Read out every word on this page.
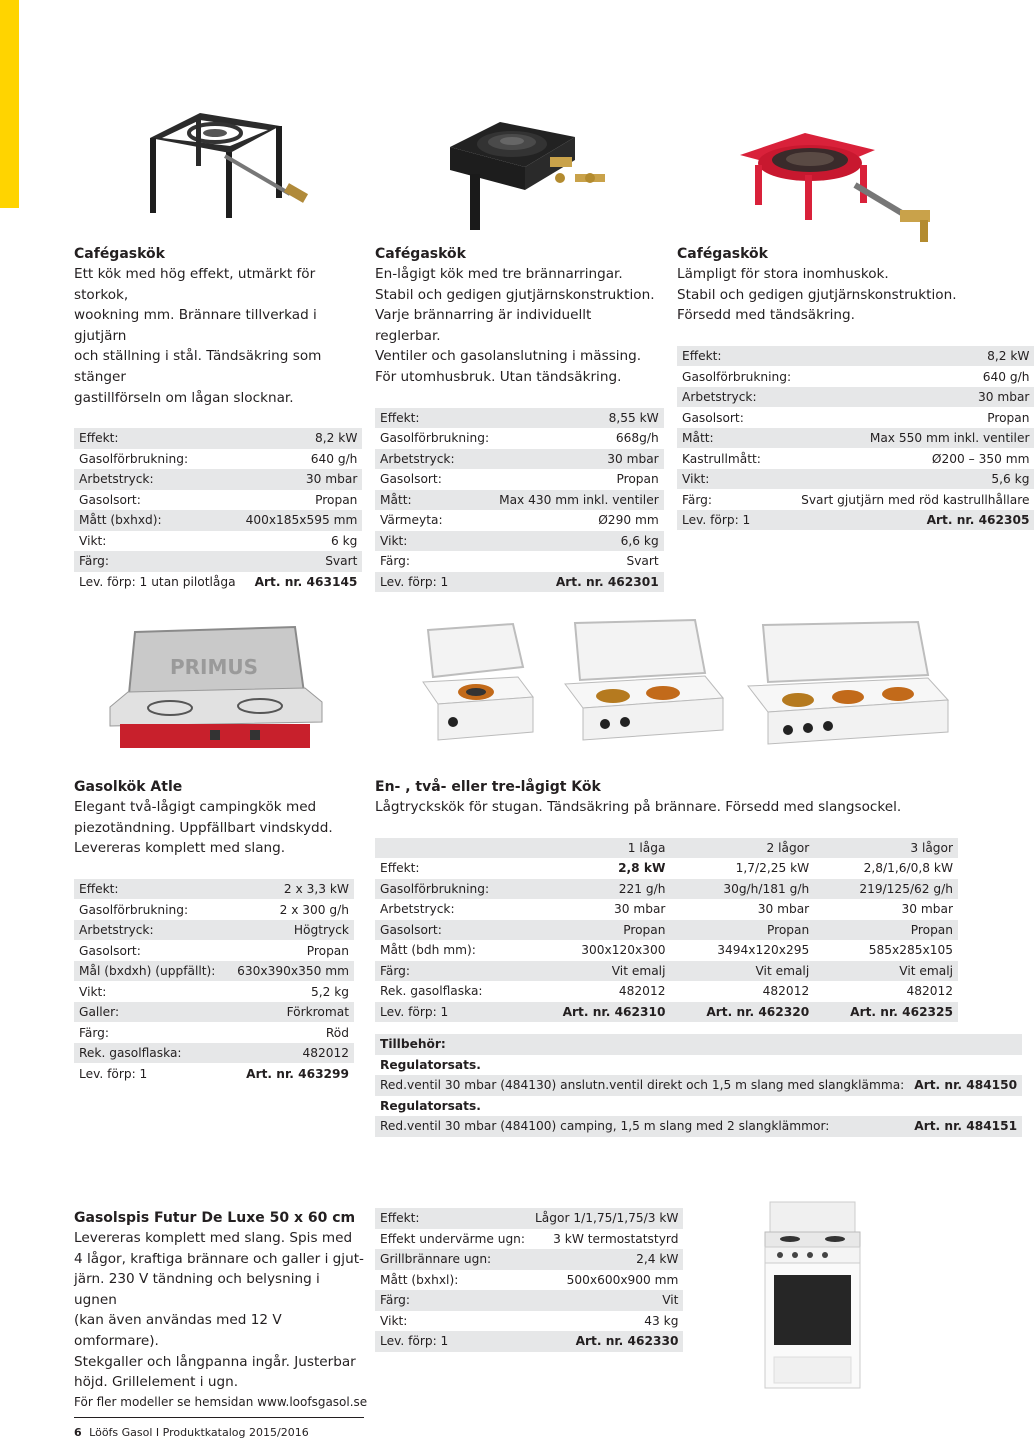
PRIMUS
Cafégaskök
Ett kök med hög effekt, utmärkt för storkok,
wookning mm. Brännare tillverkad i gjutjärn
och ställning i stål. Tändsäkring som stänger
gastillförseln om lågan slocknar.
Effekt:	8,2 kW
Gasolförbrukning:	640 g/h
Arbetstryck:	30 mbar
Gasolsort:	Propan
Mått (bxhxd):	400x185x595 mm
Vikt:	6 kg
Färg:	Svart
Lev. förp: 1 utan pilotlåga	Art. nr. 463145
Cafégaskök
En-lågigt kök med tre brännarringar.
Stabil och gedigen gjutjärnskonstruktion.
Varje brännarring är individuellt reglerbar.
Ventiler och gasolanslutning i mässing.
För utomhusbruk. Utan tändsäkring.
Effekt:	8,55 kW
Gasolförbrukning:	668g/h
Arbetstryck:	30 mbar
Gasolsort:	Propan
Mått:	Max 430 mm inkl. ventiler
Värmeyta:	Ø290 mm
Vikt:	6,6 kg
Färg:	Svart
Lev. förp: 1	Art. nr. 462301
Cafégaskök
Lämpligt för stora inomhuskok.
Stabil och gedigen gjutjärnskonstruktion.
Försedd med tändsäkring.
Effekt:	8,2 kW
Gasolförbrukning:	640 g/h
Arbetstryck:	30 mbar
Gasolsort:	Propan
Mått:	Max 550 mm inkl. ventiler
Kastrullmått:	Ø200 – 350 mm
Vikt:	5,6 kg
Färg:	Svart gjutjärn med röd kastrullhållare
Lev. förp: 1	Art. nr. 462305
Gasolkök Atle
Elegant två-lågigt campingkök med
piezotändning. Uppfällbart vindskydd.
Levereras komplett med slang.
Effekt:	2 x 3,3 kW
Gasolförbrukning:	2 x 300 g/h
Arbetstryck:	Högtryck
Gasolsort:	Propan
Mål (bxdxh) (uppfällt):	630x390x350 mm
Vikt:	5,2 kg
Galler:	Förkromat
Färg:	Röd
Rek. gasolflaska:	482012
Lev. förp: 1	Art. nr. 463299
En- , två- eller tre-lågigt Kök
Lågtryckskök för stugan. Tändsäkring på brännare. Försedd med slangsockel.
	1 låga	2 lågor	3 lågor
Effekt:	2,8 kW	1,7/2,25 kW	2,8/1,6/0,8 kW
Gasolförbrukning:	221 g/h	30g/h/181 g/h	219/125/62 g/h
Arbetstryck:	30 mbar	30 mbar	30 mbar
Gasolsort:	Propan	Propan	Propan
Mått (bdh mm):	300x120x300	3494x120x295	585x285x105
Färg:	Vit emalj	Vit emalj	Vit emalj
Rek. gasolflaska:	482012	482012	482012
Lev. förp: 1	Art. nr. 462310	Art. nr. 462320	Art. nr. 462325
Tillbehör:	
Regulatorsats.	
Red.ventil 30 mbar (484130) anslutn.ventil direkt och 1,5 m slang med slangklämma:	Art. nr. 484150
Regulatorsats.	
Red.ventil 30 mbar (484100) camping, 1,5 m slang med 2 slangklämmor:	Art. nr. 484151
Gasolspis Futur De Luxe 50 x 60 cm
Levereras komplett med slang. Spis med
4 lågor, kraftiga brännare och galler i gjut-
järn. 230 V tändning och belysning i ugnen
(kan även användas med 12 V omformare).
Stekgaller och långpanna ingår. Justerbar
höjd. Grillelement i ugn.
Effekt:	Lågor 1/1,75/1,75/3 kW
Effekt undervärme ugn:	3 kW termostatstyrd
Grillbrännare ugn:	2,4 kW
Mått (bxhxl):	500x600x900 mm
Färg:	Vit
Vikt:	43 kg
Lev. förp: 1	Art. nr. 462330
För fler modeller se hemsidan www.loofsgasol.se
6 Lööfs Gasol I Produktkatalog 2015/2016
